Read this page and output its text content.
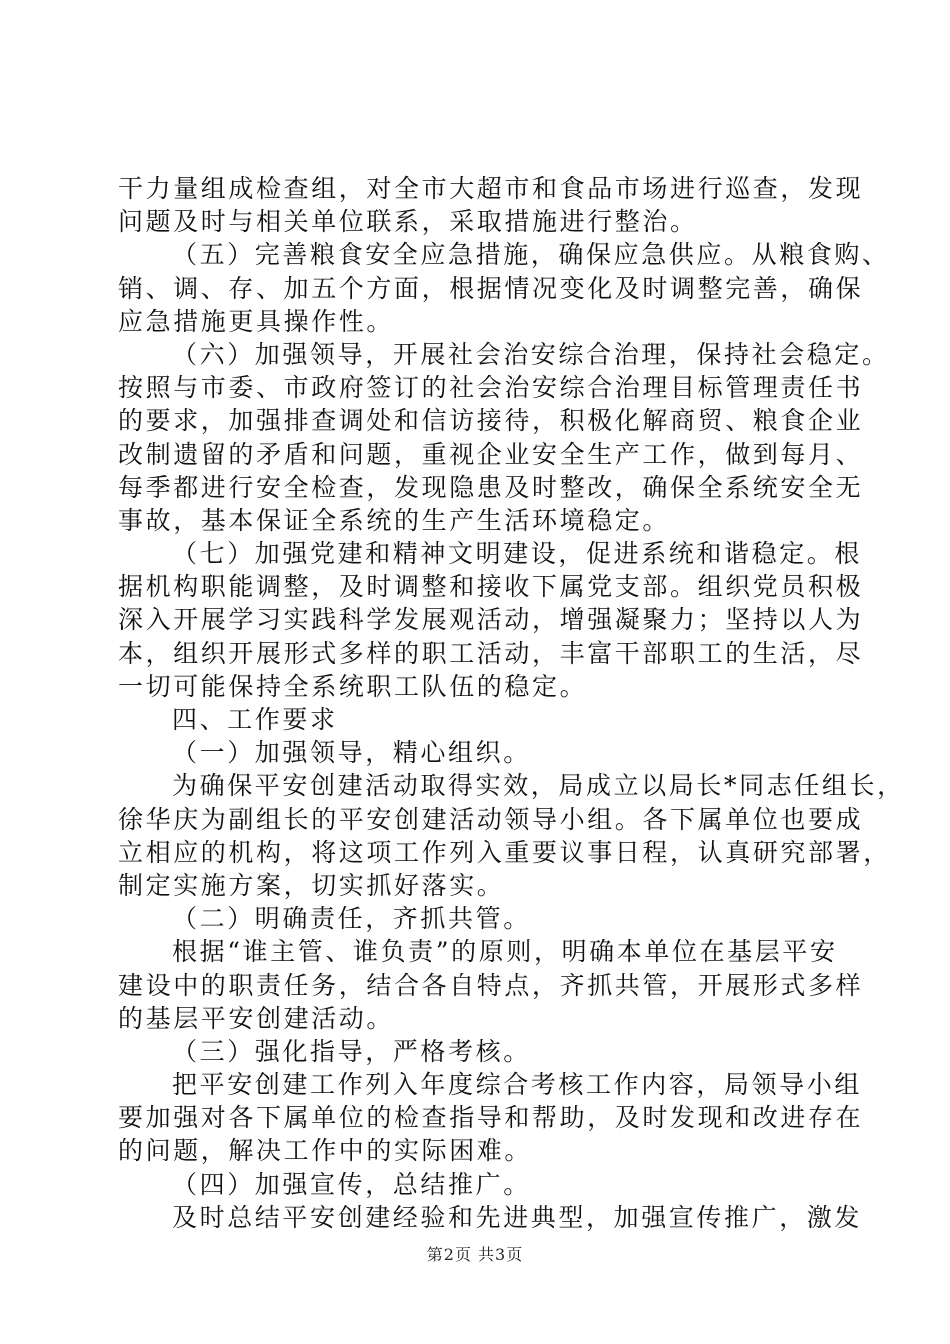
干力量组成检查组，对全市大超市和食品市场进行巡查，发现
问题及时与相关单位联系，采取措施进行整治。
（五）完善粮食安全应急措施，确保应急供应。从粮食购、
销、调、存、加五个方面，根据情况变化及时调整完善，确保
应急措施更具操作性。
（六）加强领导，开展社会治安综合治理，保持社会稳定。
按照与市委、市政府签订的社会治安综合治理目标管理责任书
的要求，加强排查调处和信访接待，积极化解商贸、粮食企业
改制遗留的矛盾和问题，重视企业安全生产工作，做到每月、
每季都进行安全检查，发现隐患及时整改，确保全系统安全无
事故，基本保证全系统的生产生活环境稳定。
（七）加强党建和精神文明建设，促进系统和谐稳定。根
据机构职能调整，及时调整和接收下属党支部。组织党员积极
深入开展学习实践科学发展观活动，增强凝聚力；坚持以人为
本，组织开展形式多样的职工活动，丰富干部职工的生活，尽
一切可能保持全系统职工队伍的稳定。
四、工作要求
（一）加强领导，精心组织。
为确保平安创建活动取得实效，局成立以局长*同志任组长，
徐华庆为副组长的平安创建活动领导小组。各下属单位也要成
立相应的机构，将这项工作列入重要议事日程，认真研究部署，
制定实施方案，切实抓好落实。
（二）明确责任，齐抓共管。
根据“谁主管、谁负责”的原则，明确本单位在基层平安
建设中的职责任务，结合各自特点，齐抓共管，开展形式多样
的基层平安创建活动。
（三）强化指导，严格考核。
把平安创建工作列入年度综合考核工作内容，局领导小组
要加强对各下属单位的检查指导和帮助，及时发现和改进存在
的问题，解决工作中的实际困难。
（四）加强宣传，总结推广。
及时总结平安创建经验和先进典型，加强宣传推广，激发
第2页 共3页
